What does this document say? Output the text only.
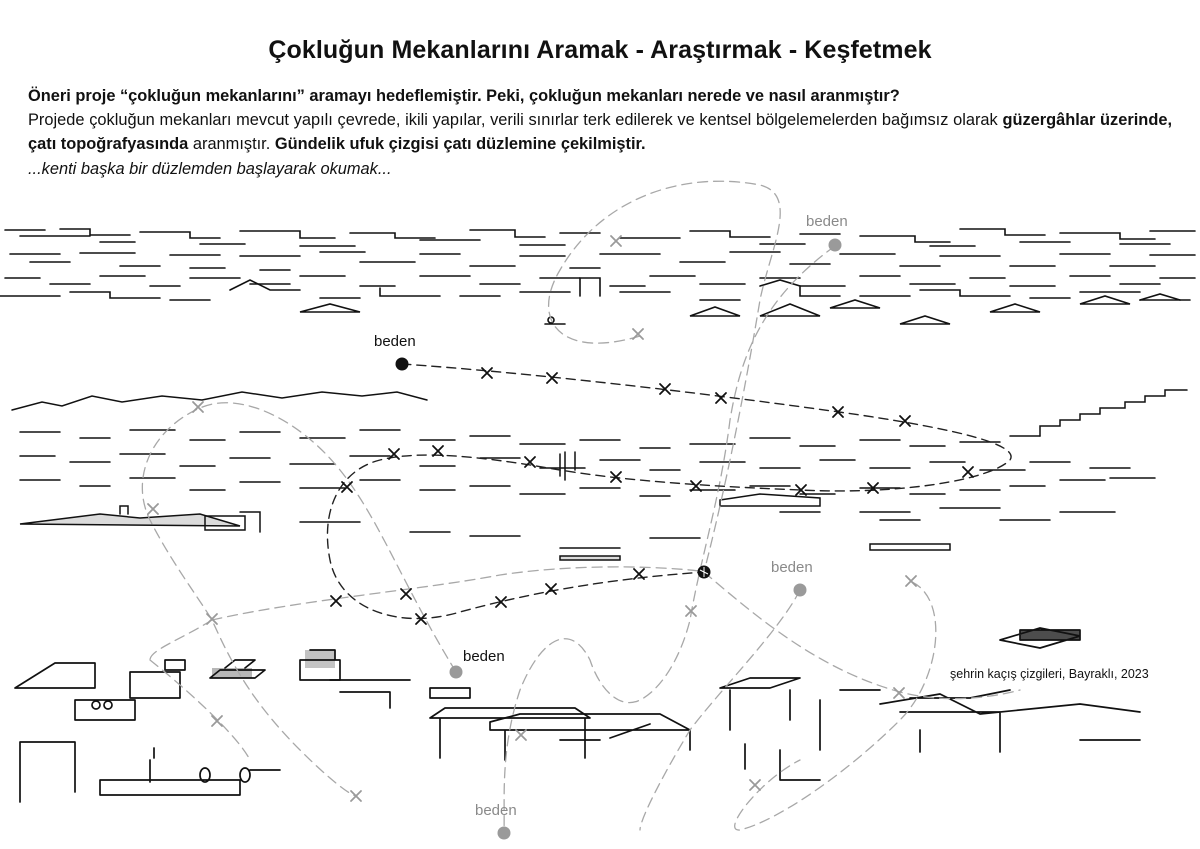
Çokluğun Mekanlarını Aramak - Araştırmak - Keşfetmek
Öneri proje “çokluğun mekanlarını” aramayı hedeflemiştir. Peki, çokluğun mekanları nerede ve nasıl aranmıştır?
Projede çokluğun mekanları mevcut yapılı çevrede, ikili yapılar, verili sınırlar terk edilerek ve kentsel bölgelemelerden bağımsız olarak güzergâhlar üzerinde, çatı topoğrafyasında aranmıştır. Gündelik ufuk çizgisi çatı düzlemine çekilmiştir.
...kenti başka bir düzlemden başlayarak okumak...
beden
beden
beden
beden
beden
şehrin kaçış çizgileri, Bayraklı, 2023
